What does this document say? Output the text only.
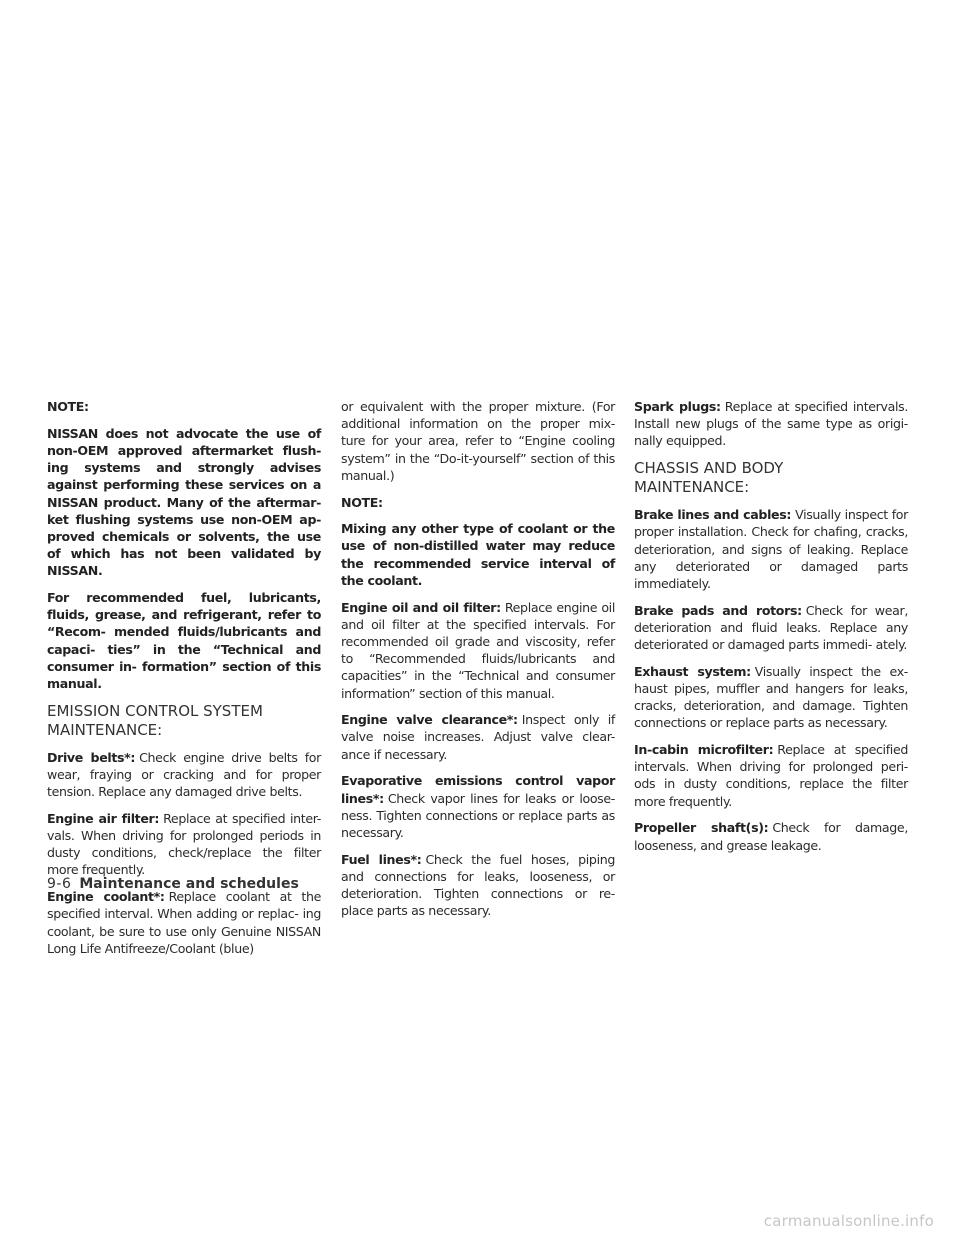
NOTE:

NISSAN does not advocate the use of non-OEM approved aftermarket flush- ing systems and strongly advises against performing these services on a NISSAN product. Many of the aftermar- ket flushing systems use non-OEM ap- proved chemicals or solvents, the use of which has not been validated by NISSAN.

For recommended fuel, lubricants, fluids, grease, and refrigerant, refer to “Recom- mended fluids/lubricants and capaci- ties” in the “Technical and consumer in- formation” section of this manual.

EMISSION CONTROL SYSTEM
MAINTENANCE:

Drive belts*: Check engine drive belts for wear, fraying or cracking and for proper tension. Replace any damaged drive belts.

Engine air filter: Replace at specified inter- vals. When driving for prolonged periods in dusty conditions, check/replace the filter more frequently.

Engine coolant*: Replace coolant at the specified interval. When adding or replac- ing coolant, be sure to use only Genuine NISSAN Long Life Antifreeze/Coolant (blue)

or equivalent with the proper mixture. (For additional information on the proper mix- ture for your area, refer to “Engine cooling system” in the “Do-it-yourself” section of this manual.)

NOTE:

Mixing any other type of coolant or the use of non-distilled water may reduce the recommended service interval of the coolant.

Engine oil and oil filter: Replace engine oil and oil filter at the specified intervals. For recommended oil grade and viscosity, refer to “Recommended fluids/lubricants and capacities” in the “Technical and consumer information” section of this manual.

Engine valve clearance*: Inspect only if valve noise increases. Adjust valve clear- ance if necessary.

Evaporative emissions control vapor lines*: Check vapor lines for leaks or loose- ness. Tighten connections or replace parts as necessary.

Fuel lines*: Check the fuel hoses, piping and connections for leaks, looseness, or deterioration. Tighten connections or re- place parts as necessary.

Spark plugs: Replace at specified intervals. Install new plugs of the same type as origi- nally equipped.

CHASSIS AND BODY
MAINTENANCE:

Brake lines and cables: Visually inspect for proper installation. Check for chafing, cracks, deterioration, and signs of leaking. Replace any deteriorated or damaged parts immediately.

Brake pads and rotors: Check for wear, deterioration and fluid leaks. Replace any deteriorated or damaged parts immedi- ately.

Exhaust system: Visually inspect the ex- haust pipes, muffler and hangers for leaks, cracks, deterioration, and damage. Tighten connections or replace parts as necessary.

In-cabin microfilter: Replace at specified intervals. When driving for prolonged peri- ods in dusty conditions, replace the filter more frequently.

Propeller shaft(s): Check for damage, looseness, and grease leakage.

9-6 Maintenance and schedules
carmanualsonline.info
